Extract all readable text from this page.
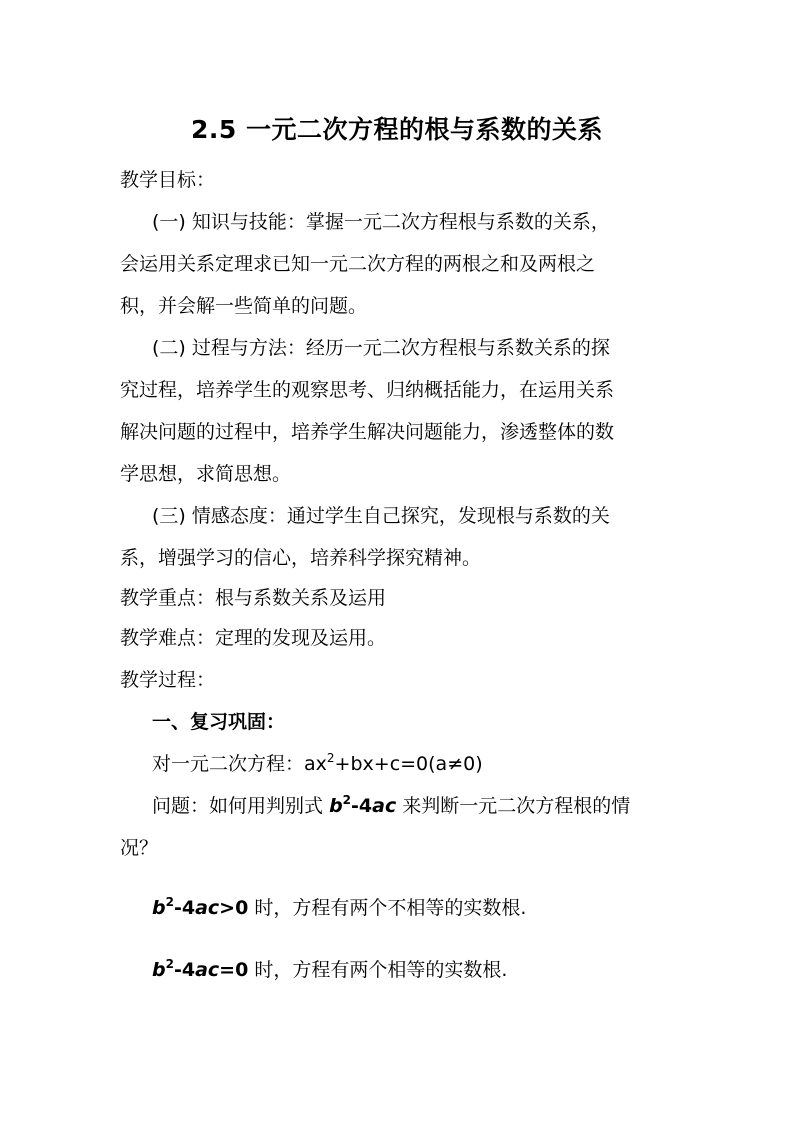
2.5 一元二次方程的根与系数的关系
教学目标：
(一) 知识与技能：掌握一元二次方程根与系数的关系，
会运用关系定理求已知一元二次方程的两根之和及两根之
积，并会解一些简单的问题。
(二) 过程与方法：经历一元二次方程根与系数关系的探
究过程，培养学生的观察思考、归纳概括能力，在运用关系
解决问题的过程中，培养学生解决问题能力，渗透整体的数
学思想，求简思想。
(三) 情感态度：通过学生自己探究，发现根与系数的关
系，增强学习的信心，培养科学探究精神。
教学重点：根与系数关系及运用
教学难点：定理的发现及运用。
教学过程：
一、复习巩固：
对一元二次方程：$ax^2+bx+c=0(a\ne 0)$
问题：如何用判别式 $b^2-4ac$ 来判断一元二次方程根的情
况？
$b^2-4ac>0$ 时，方程有两个不相等的实数根.
$b^2-4ac=0$ 时，方程有两个相等的实数根.
